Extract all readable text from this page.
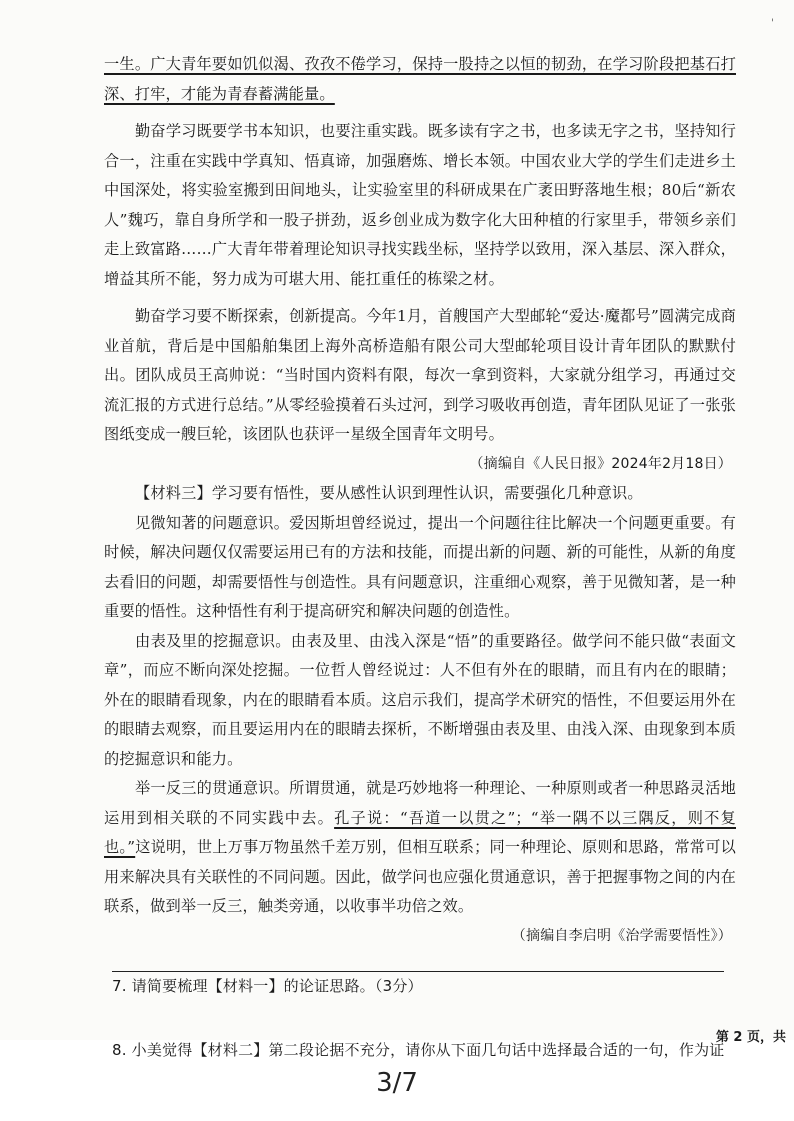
'

一生。广大青年要如饥似渴、孜孜不倦学习，保持一股持之以恒的韧劲，在学习阶段把基石打深、打牢，才能为青春蓄满能量。

勤奋学习既要学书本知识，也要注重实践。既多读有字之书，也多读无字之书，坚持知行合一，注重在实践中学真知、悟真谛，加强磨炼、增长本领。中国农业大学的学生们走进乡土中国深处，将实验室搬到田间地头，让实验室里的科研成果在广袤田野落地生根；80后“新农人”魏巧，靠自身所学和一股子拼劲，返乡创业成为数字化大田种植的行家里手，带领乡亲们走上致富路……广大青年带着理论知识寻找实践坐标，坚持学以致用，深入基层、深入群众，增益其所不能，努力成为可堪大用、能扛重任的栋梁之材。

勤奋学习要不断探索，创新提高。今年1月，首艘国产大型邮轮“爱达·魔都号”圆满完成商业首航，背后是中国船舶集团上海外高桥造船有限公司大型邮轮项目设计青年团队的默默付出。团队成员王高帅说：“当时国内资料有限，每次一拿到资料，大家就分组学习，再通过交流汇报的方式进行总结。”从零经验摸着石头过河，到学习吸收再创造，青年团队见证了一张张图纸变成一艘巨轮，该团队也获评一星级全国青年文明号。

（摘编自《人民日报》2024年2月18日）

【材料三】学习要有悟性，要从感性认识到理性认识，需要强化几种意识。

见微知著的问题意识。爱因斯坦曾经说过，提出一个问题往往比解决一个问题更重要。有时候，解决问题仅仅需要运用已有的方法和技能，而提出新的问题、新的可能性，从新的角度去看旧的问题，却需要悟性与创造性。具有问题意识，注重细心观察，善于见微知著，是一种重要的悟性。这种悟性有利于提高研究和解决问题的创造性。

由表及里的挖掘意识。由表及里、由浅入深是“悟”的重要路径。做学问不能只做“表面文章”，而应不断向深处挖掘。一位哲人曾经说过：人不但有外在的眼睛，而且有内在的眼睛；外在的眼睛看现象，内在的眼睛看本质。这启示我们，提高学术研究的悟性，不但要运用外在的眼睛去观察，而且要运用内在的眼睛去探析，不断增强由表及里、由浅入深、由现象到本质的挖掘意识和能力。

举一反三的贯通意识。所谓贯通，就是巧妙地将一种理论、一种原则或者一种思路灵活地运用到相关联的不同实践中去。孔子说：“吾道一以贯之”；“举一隅不以三隅反，则不复也。”这说明，世上万事万物虽然千差万别，但相互联系；同一种理论、原则和思路，常常可以用来解决具有关联性的不同问题。因此，做学问也应强化贯通意识，善于把握事物之间的内在联系，做到举一反三，触类旁通，以收事半功倍之效。

（摘编自李启明《治学需要悟性》）

7. 请简要梳理【材料一】的论证思路。（3分）

8. 小美觉得【材料二】第二段论据不充分，请你从下面几句话中选择最合适的一句，作为证

第 2 页，共
3/7
